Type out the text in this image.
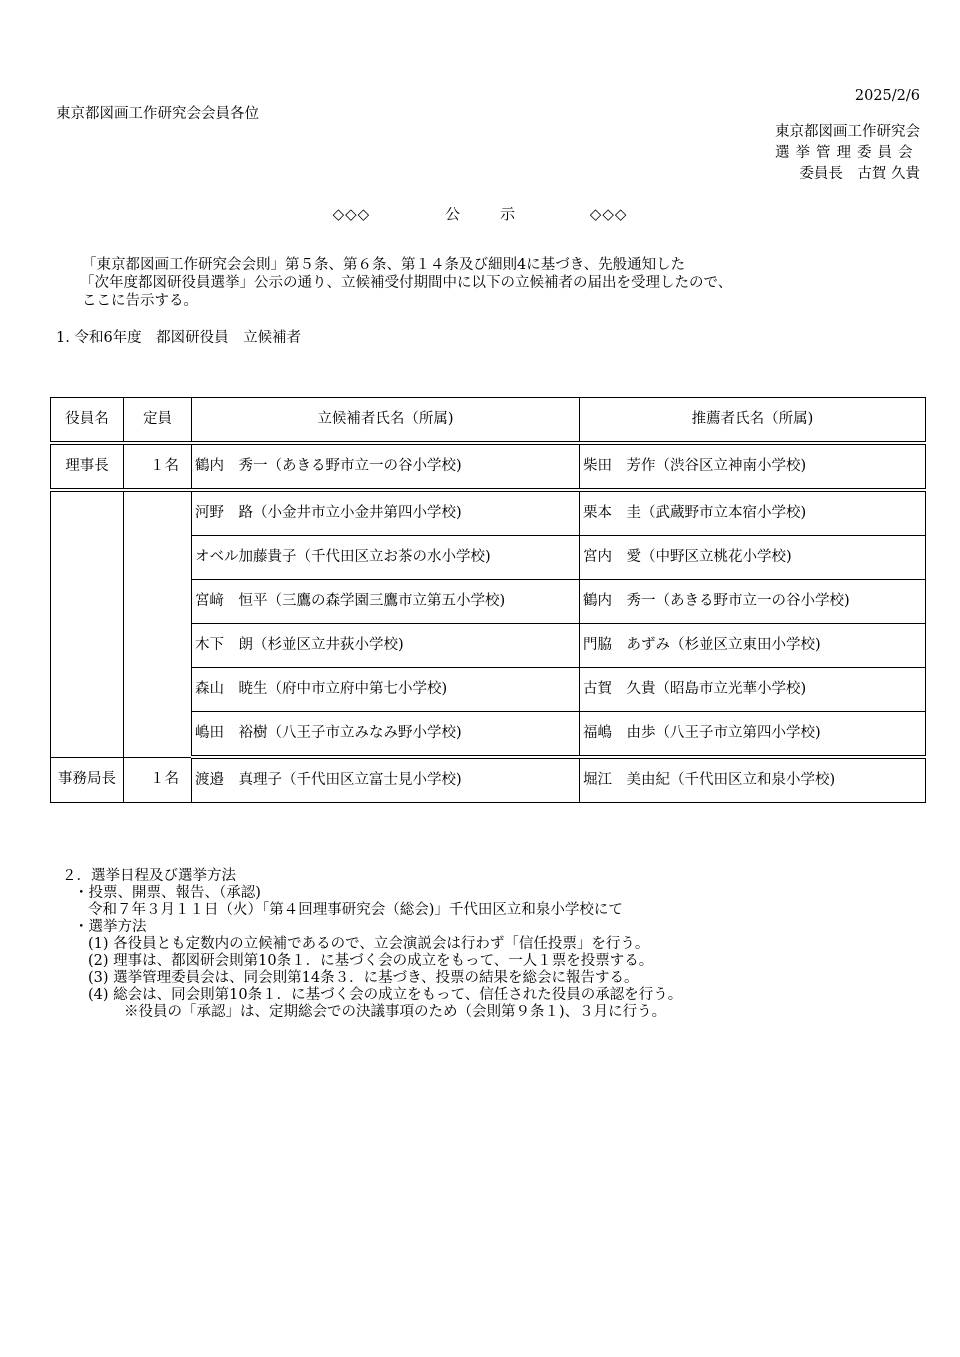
2025/2/6
東京都図画工作研究会会員各位
東京都図画工作研究会
選挙管理委員会
委員長　古賀 久貴
◇◇◇	公示 ◇◇◇
「東京都図画工作研究会会則」第５条、第６条、第１４条及び細則4に基づき、先般通知した
「次年度都図研役員選挙」公示の通り、立候補受付期間中に以下の立候補者の届出を受理したので、
ここに告示する。
1. 令和6年度　都図研役員　立候補者
役員名	定員	立候補者氏名（所属)	推薦者氏名（所属)
理事長	１名	鶴内　秀一（あきる野市立一の谷小学校)	柴田　芳作（渋谷区立神南小学校)
		河野　路（小金井市立小金井第四小学校)	栗本　圭（武蔵野市立本宿小学校)
		オベル加藤貴子（千代田区立お茶の水小学校)	宮内　愛（中野区立桃花小学校)
		宮﨑　恒平（三鷹の森学園三鷹市立第五小学校)	鶴内　秀一（あきる野市立一の谷小学校)
		木下　朗（杉並区立井荻小学校)	門脇　あずみ（杉並区立東田小学校)
		森山　暁生（府中市立府中第七小学校)	古賀　久貴（昭島市立光華小学校)
		嶋田　裕樹（八王子市立みなみ野小学校)	福嶋　由歩（八王子市立第四小学校)
事務局長	１名	渡邉　真理子（千代田区立富士見小学校)	堀江　美由紀（千代田区立和泉小学校)
２．選挙日程及び選挙方法
・投票、開票、報告、（承認)
令和７年３月１１日（火）「第４回理事研究会（総会)」千代田区立和泉小学校にて
・選挙方法
(1) 各役員とも定数内の立候補であるので、立会演説会は行わず「信任投票」を行う。
(2) 理事は、都図研会則第10条１．に基づく会の成立をもって、一人１票を投票する。
(3) 選挙管理委員会は、同会則第14条３．に基づき、投票の結果を総会に報告する。
(4) 総会は、同会則第10条１．に基づく会の成立をもって、信任された役員の承認を行う。
※役員の「承認」は、定期総会での決議事項のため（会則第９条１)、３月に行う。
